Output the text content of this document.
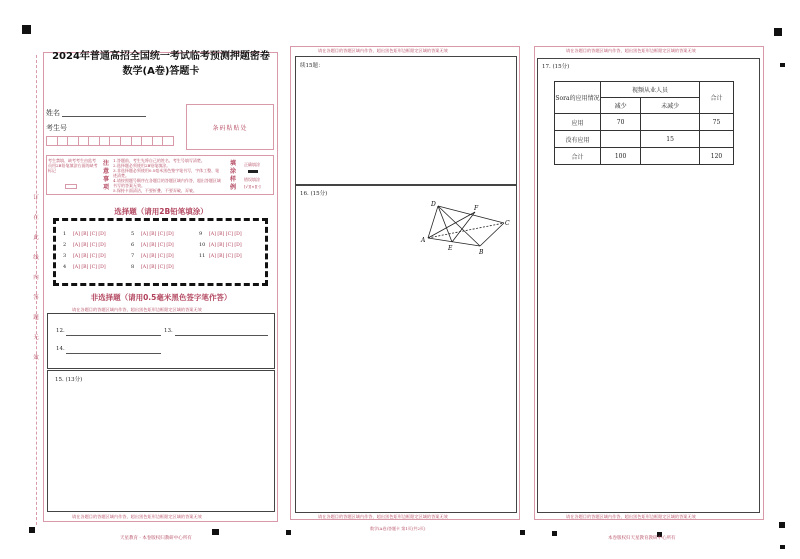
订
在
此
线
内
答
题
无
效
2024年普通高招全国统一考试临考预测押题密卷
数学(A卷)答题卡
姓名
考生号	条码粘贴处
考生禁填、缺考考生由监考员用2B铅笔填涂右面的缺考标记
注意事项
1.答题前，考生先将自己的姓名、考生号填写清楚。
2.选择题必须使用2B铅笔填涂。
3.非选择题必须使用0.5毫米黑色签字笔书写，字体工整、笔迹清楚。
4.请按照题号顺序在各题目的答题区域内作答，超出答题区域书写的答案无效。
5.保持卡面清洁，不要折叠、不要弄破、弄皱。
填涂样例
正确填涂
错误填涂
[√][×][-]
选择题（请用2B铅笔填涂）
1	[A] [B] [C] [D]	5	[A] [B] [C] [D]	9	[A] [B] [C] [D]
2	[A] [B] [C] [D]	6	[A] [B] [C] [D]	10 [A] [B] [C] [D]
3	[A] [B] [C] [D]	7	[A] [B] [C] [D]	11 [A] [B] [C] [D]
4	[A] [B] [C] [D]	8	[A] [B] [C] [D]
非选择题（请用0.5毫米黑色签字笔作答）
请在各题目的答题区域内作答，超出黑色矩形边框限定区域的答案无效
12.	13.
14.
15. (13分)
请在各题目的答题区域内作答，超出黑色矩形边框限定区域的答案无效
请在各题目的答题区域内作答，超出黑色矩形边框限定区域的答案无效
续15题：
16. (15分)
D
F
C
A
E
B
请在各题目的答题区域内作答，超出黑色矩形边框限定区域的答案无效
请在各题目的答题区域内作答，超出黑色矩形边框限定区域的答案无效
17. (15分)
Sora的应用情况	视频从业人员		合计
	减少	未减少	
应用	70		75
没有应用		15	
合计	100		120
请在各题目的答题区域内作答，超出黑色矩形边框限定区域的答案无效
天星教育 · 本卷版权归教研中心所有
数学(A卷)答题卡 第1页(共2页)
本卷版权归天星教育教研中心所有
